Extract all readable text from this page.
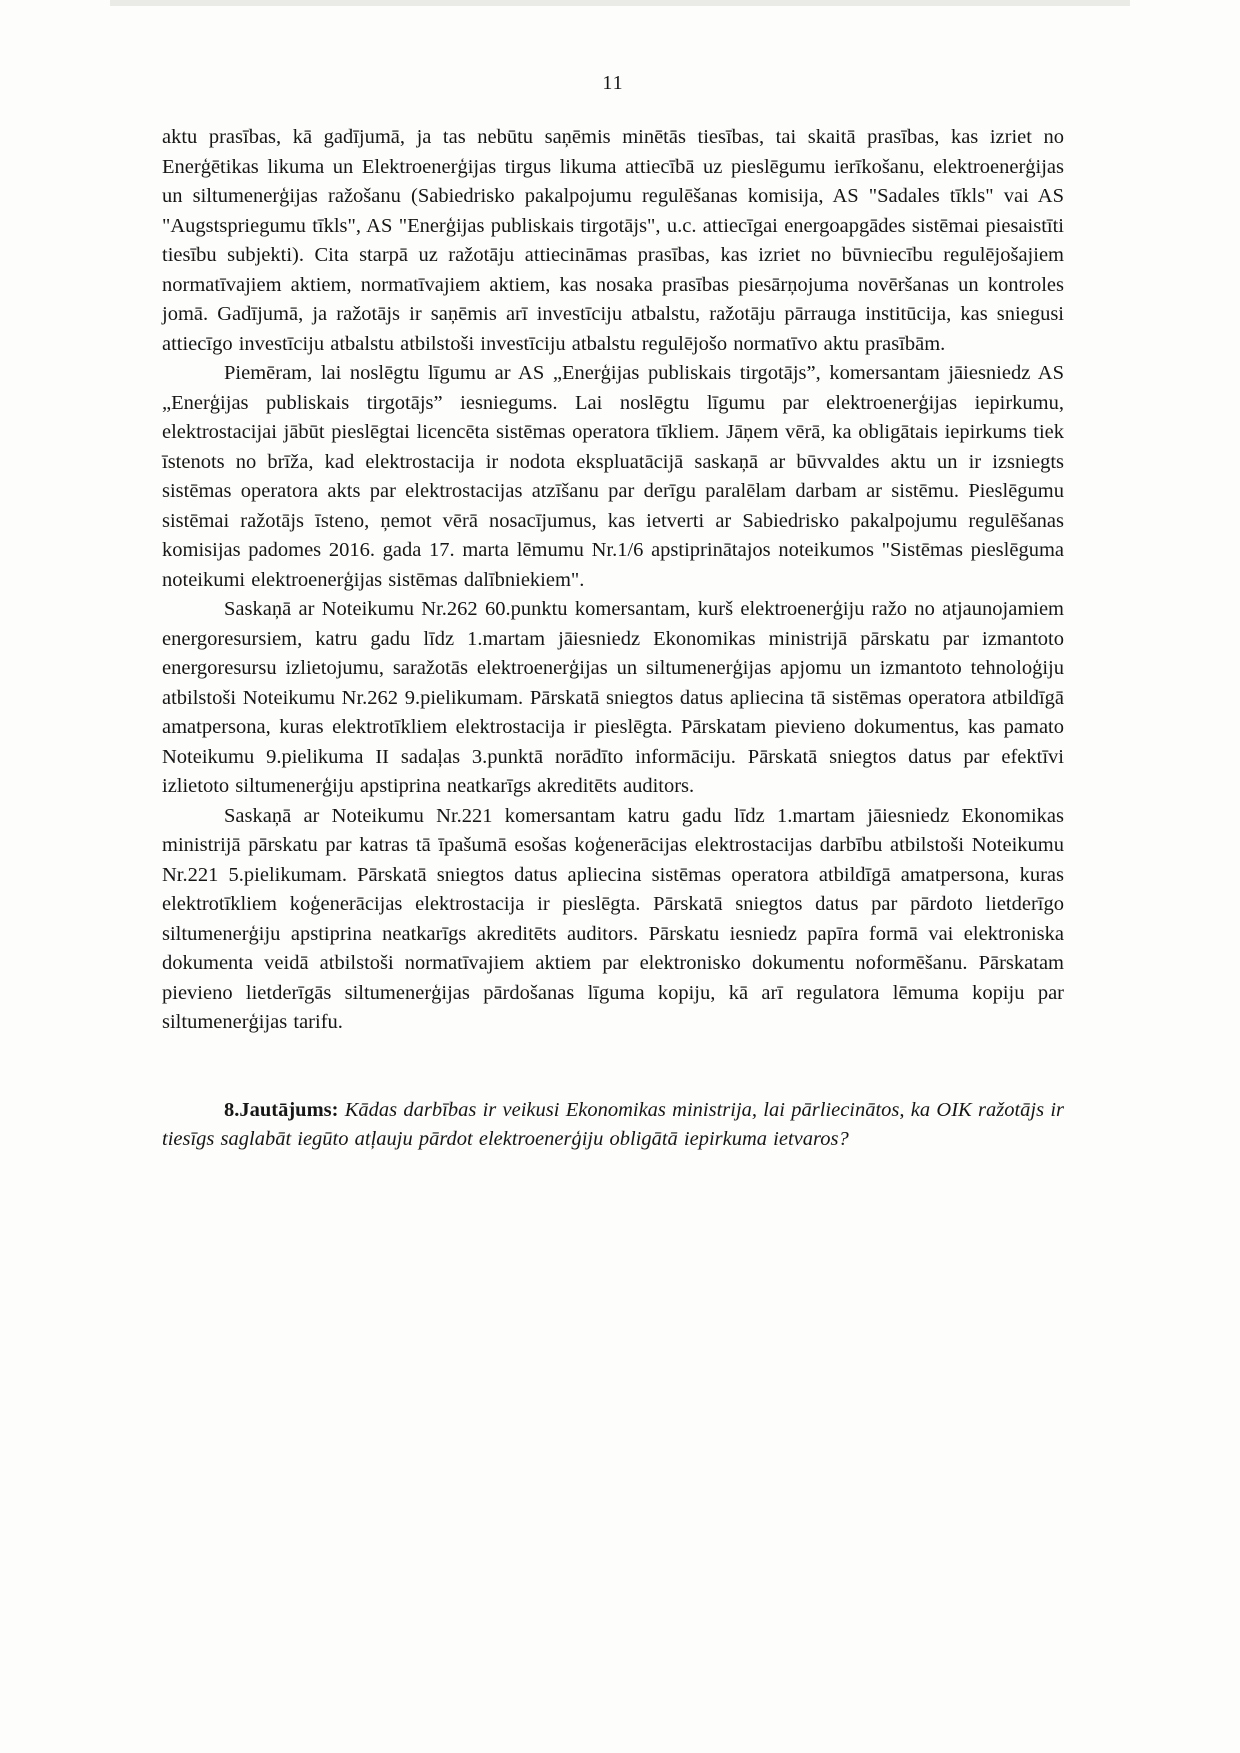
11

aktu prasības, kā gadījumā, ja tas nebūtu saņēmis minētās tiesības, tai skaitā prasības, kas izriet no Enerģētikas likuma un Elektroenerģijas tirgus likuma attiecībā uz pieslēgumu ierīkošanu, elektroenerģijas un siltumenerģijas ražošanu (Sabiedrisko pakalpojumu regulēšanas komisija, AS "Sadales tīkls" vai AS "Augstspriegumu tīkls", AS "Enerģijas publiskais tirgotājs", u.c. attiecīgai energoapgādes sistēmai piesaistīti tiesību subjekti). Cita starpā uz ražotāju attiecināmas prasības, kas izriet no būvniecību regulējošajiem normatīvajiem aktiem, normatīvajiem aktiem, kas nosaka prasības piesārņojuma novēršanas un kontroles jomā. Gadījumā, ja ražotājs ir saņēmis arī investīciju atbalstu, ražotāju pārrauga institūcija, kas sniegusi attiecīgo investīciju atbalstu atbilstoši investīciju atbalstu regulējošo normatīvo aktu prasībām.

Piemēram, lai noslēgtu līgumu ar AS „Enerģijas publiskais tirgotājs”, komersantam jāiesniedz AS „Enerģijas publiskais tirgotājs” iesniegums. Lai noslēgtu līgumu par elektroenerģijas iepirkumu, elektrostacijai jābūt pieslēgtai licencēta sistēmas operatora tīkliem. Jāņem vērā, ka obligātais iepirkums tiek īstenots no brīža, kad elektrostacija ir nodota ekspluatācijā saskaņā ar būvvaldes aktu un ir izsniegts sistēmas operatora akts par elektrostacijas atzīšanu par derīgu paralēlam darbam ar sistēmu. Pieslēgumu sistēmai ražotājs īsteno, ņemot vērā nosacījumus, kas ietverti ar Sabiedrisko pakalpojumu regulēšanas komisijas padomes 2016. gada 17. marta lēmumu Nr.1/6 apstiprinātajos noteikumos "Sistēmas pieslēguma noteikumi elektroenerģijas sistēmas dalībniekiem".

Saskaņā ar Noteikumu Nr.262 60.punktu komersantam, kurš elektroenerģiju ražo no atjaunojamiem energoresursiem, katru gadu līdz 1.martam jāiesniedz Ekonomikas ministrijā pārskatu par izmantoto energoresursu izlietojumu, saražotās elektroenerģijas un siltumenerģijas apjomu un izmantoto tehnoloģiju atbilstoši Noteikumu Nr.262 9.pielikumam. Pārskatā sniegtos datus apliecina tā sistēmas operatora atbildīgā amatpersona, kuras elektrotīkliem elektrostacija ir pieslēgta. Pārskatam pievieno dokumentus, kas pamato Noteikumu 9.pielikuma II sadaļas 3.punktā norādīto informāciju. Pārskatā sniegtos datus par efektīvi izlietoto siltumenerģiju apstiprina neatkarīgs akreditēts auditors.

Saskaņā ar Noteikumu Nr.221 komersantam katru gadu līdz 1.martam jāiesniedz Ekonomikas ministrijā pārskatu par katras tā īpašumā esošas koģenerācijas elektrostacijas darbību atbilstoši Noteikumu Nr.221 5.pielikumam. Pārskatā sniegtos datus apliecina sistēmas operatora atbildīgā amatpersona, kuras elektrotīkliem koģenerācijas elektrostacija ir pieslēgta. Pārskatā sniegtos datus par pārdoto lietderīgo siltumenerģiju apstiprina neatkarīgs akreditēts auditors. Pārskatu iesniedz papīra formā vai elektroniska dokumenta veidā atbilstoši normatīvajiem aktiem par elektronisko dokumentu noformēšanu. Pārskatam pievieno lietderīgās siltumenerģijas pārdošanas līguma kopiju, kā arī regulatora lēmuma kopiju par siltumenerģijas tarifu.

8.Jautājums: Kādas darbības ir veikusi Ekonomikas ministrija, lai pārliecinātos, ka OIK ražotājs ir tiesīgs saglabāt iegūto atļauju pārdot elektroenerģiju obligātā iepirkuma ietvaros?
